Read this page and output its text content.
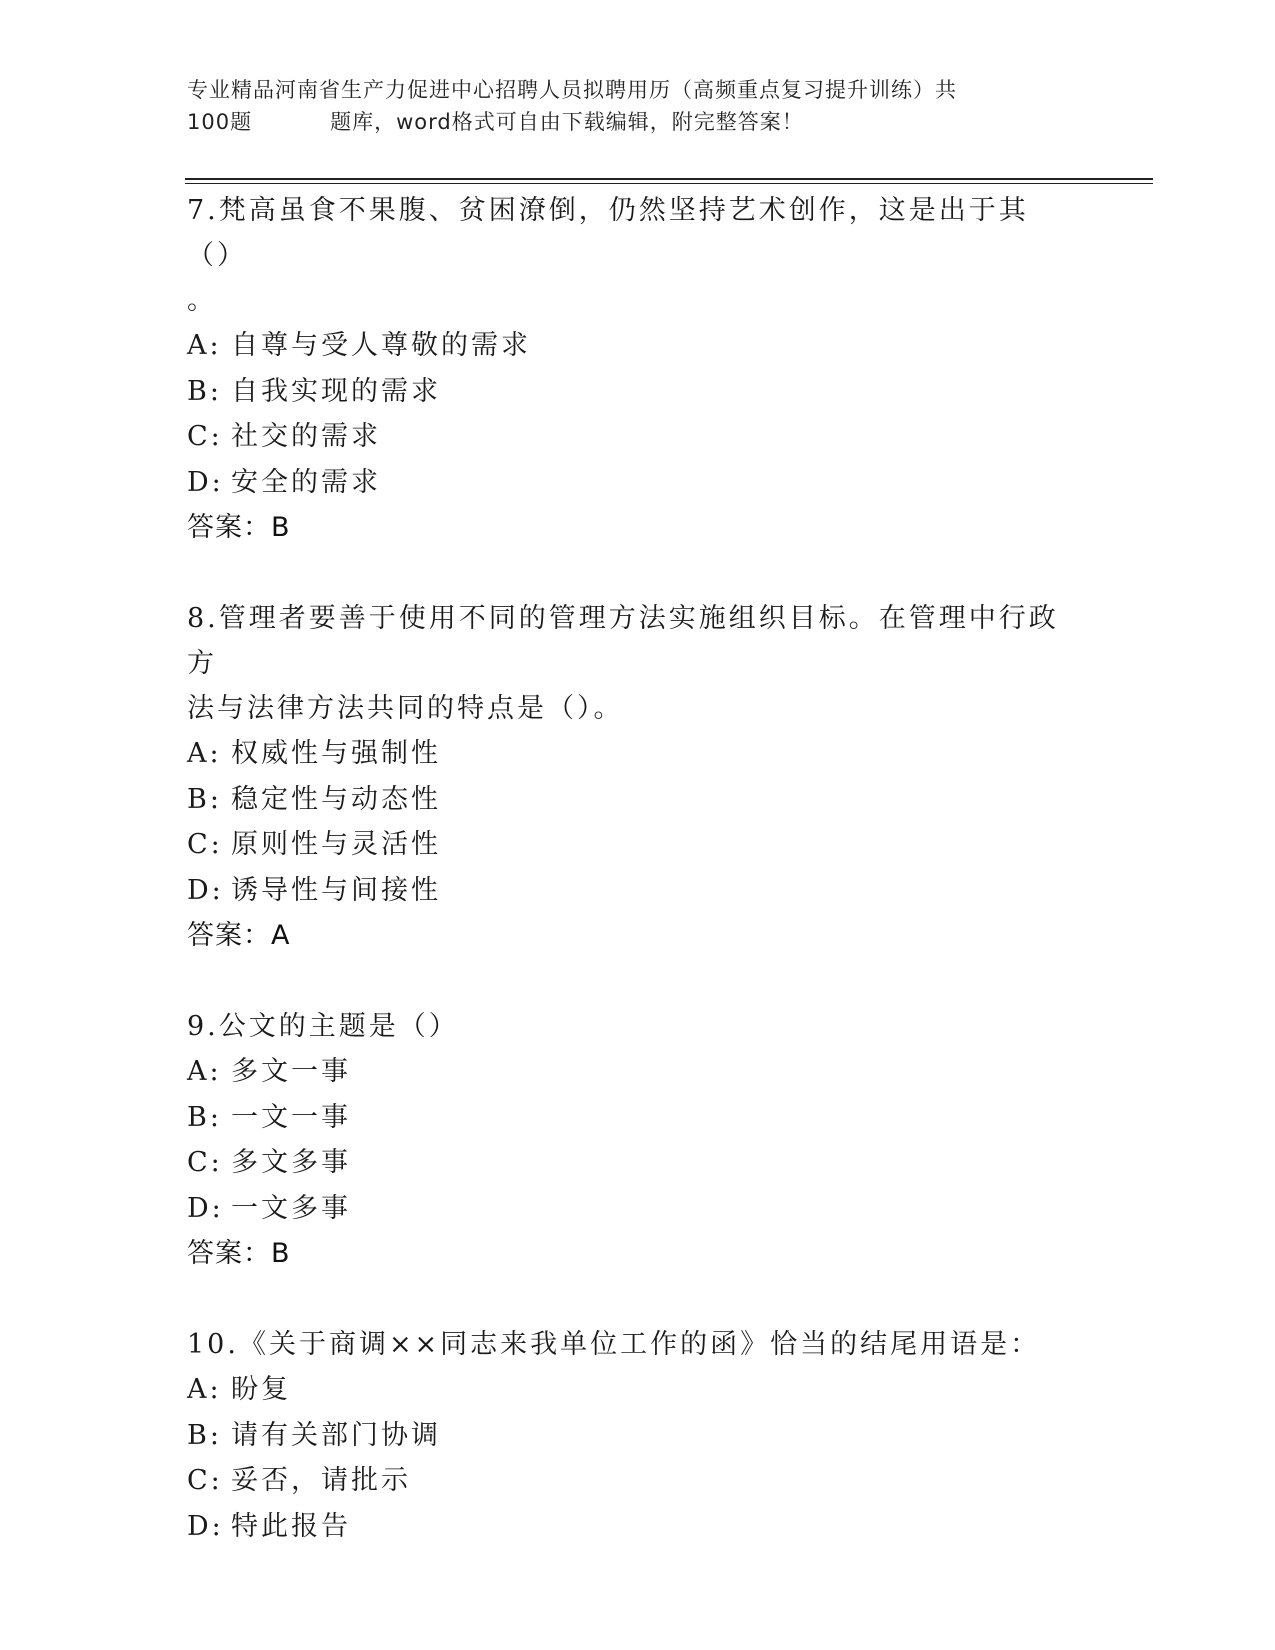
专业精品河南省生产力促进中心招聘人员拟聘用历（高频重点复习提升训练）共
100题	题库，word格式可自由下载编辑，附完整答案！
7.梵高虽食不果腹、贫困潦倒，仍然坚持艺术创作，这是出于其（）
。
A: 自尊与受人尊敬的需求
B: 自我实现的需求
C: 社交的需求
D: 安全的需求
答案：B
8.管理者要善于使用不同的管理方法实施组织目标。在管理中行政方
法与法律方法共同的特点是（）。
A: 权威性与强制性
B: 稳定性与动态性
C: 原则性与灵活性
D: 诱导性与间接性
答案：A
9.公文的主题是（）
A: 多文一事
B: 一文一事
C: 多文多事
D: 一文多事
答案：B
10.《关于商调××同志来我单位工作的函》恰当的结尾用语是：
A: 盼复
B: 请有关部门协调
C: 妥否，请批示
D: 特此报告
